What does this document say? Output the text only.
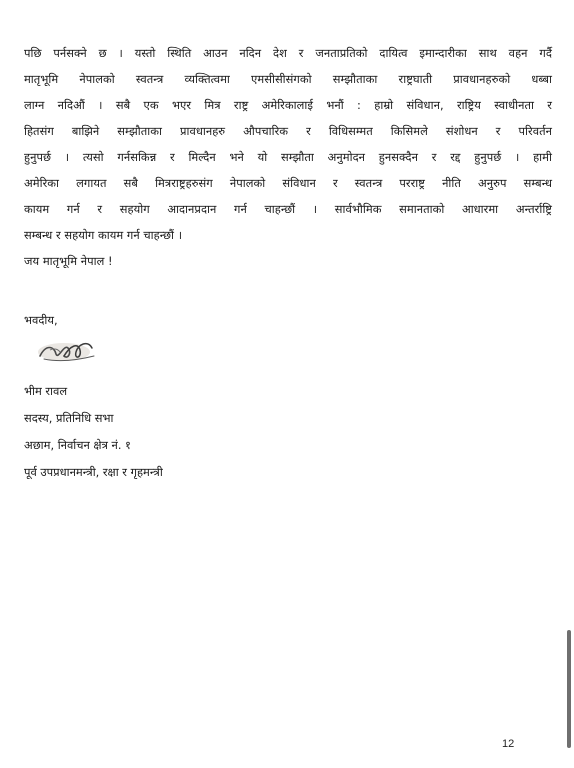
पछि पर्नसक्ने छ । यस्तो स्थिति आउन नदिन देश र जनताप्रतिको दायित्व इमान्दारीका साथ वहन गर्दै

मातृभूमि नेपालको स्वतन्त्र व्यक्तित्वमा एमसीसीसंगको सम्झौताका राष्ट्रघाती प्रावधानहरुको धब्बा

लाग्न नदिऔं । सबै एक भएर मित्र राष्ट्र अमेरिकालाई भनौं : हाम्रो संविधान, राष्ट्रिय स्वाधीनता र

हितसंग बाझिने सम्झौताका प्रावधानहरु औपचारिक र विधिसम्मत किसिमले संशोधन र परिवर्तन

हुनुपर्छ । त्यसो गर्नसकिन्न र मिल्दैन भने यो सम्झौता अनुमोदन हुनसक्दैन र रद्द हुनुपर्छ । हामी

अमेरिका लगायत सबै मित्रराष्ट्रहरुसंग नेपालको संविधान र स्वतन्त्र परराष्ट्र नीति अनुरुप सम्बन्ध

कायम गर्न र सहयोग आदानप्रदान गर्न चाहन्छौं । सार्वभौमिक समानताको आधारमा अन्तर्राष्ट्रि

सम्बन्ध र सहयोग कायम गर्न चाहन्छौं ।

जय मातृभूमि नेपाल !

भवदीय,
भीम रावल
सदस्य, प्रतिनिधि सभा
अछाम, निर्वाचन क्षेत्र नं. १
पूर्व उपप्रधानमन्त्री, रक्षा र गृहमन्त्री
12
